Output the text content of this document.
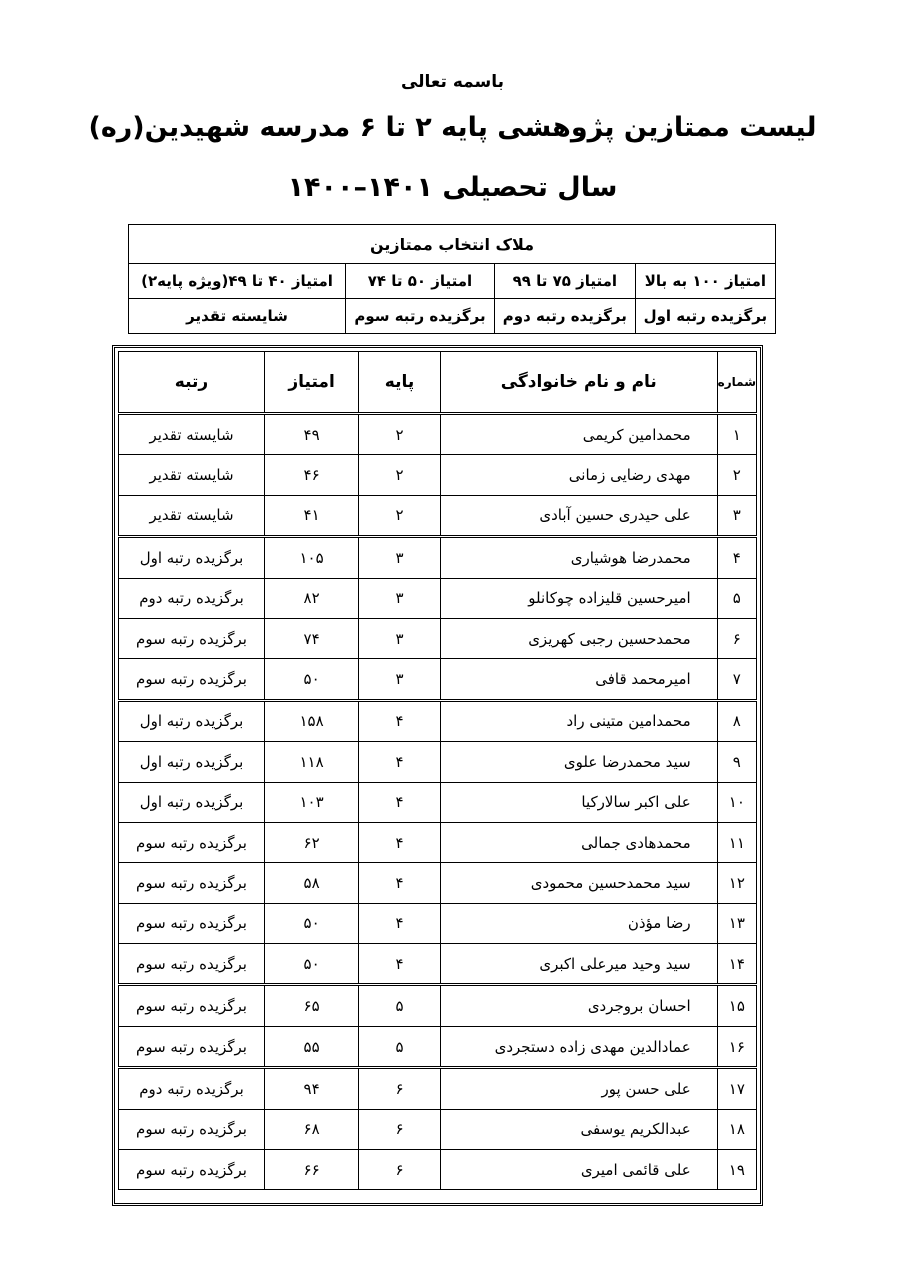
باسمه تعالی
لیست ممتازین پژوهشی پایه ۲ تا ۶ مدرسه شهیدین(ره)
سال تحصیلی ۱۴۰۱–۱۴۰۰
ملاک انتخاب ممتازین			
امتیاز ۱۰۰ به بالا	امتیاز ۷۵ تا ۹۹	امتیاز ۵۰ تا ۷۴	امتیاز ۴۰ تا ۴۹(ویژه پایه۲)
برگزیده رتبه اول	برگزیده رتبه دوم	برگزیده رتبه سوم	شایسته تقدیر
شماره	نام و نام خانوادگی	پایه	امتیاز	رتبه
۱	محمدامین کریمی	۲	۴۹	شایسته تقدیر
۲	مهدی رضایی زمانی	۲	۴۶	شایسته تقدیر
۳	علی حیدری حسین آبادی	۲	۴۱	شایسته تقدیر
۴	محمدرضا هوشیاری	۳	۱۰۵	برگزیده رتبه اول
۵	امیرحسین قلیزاده چوکانلو	۳	۸۲	برگزیده رتبه دوم
۶	محمدحسین رجبی کهریزی	۳	۷۴	برگزیده رتبه سوم
۷	امیرمحمد قافی	۳	۵۰	برگزیده رتبه سوم
۸	محمدامین متینی راد	۴	۱۵۸	برگزیده رتبه اول
۹	سید محمدرضا علوی	۴	۱۱۸	برگزیده رتبه اول
۱۰	علی اکبر سالارکیا	۴	۱۰۳	برگزیده رتبه اول
۱۱	محمدهادی جمالی	۴	۶۲	برگزیده رتبه سوم
۱۲	سید محمدحسین محمودی	۴	۵۸	برگزیده رتبه سوم
۱۳	رضا مؤذن	۴	۵۰	برگزیده رتبه سوم
۱۴	سید وحید میرعلی اکبری	۴	۵۰	برگزیده رتبه سوم
۱۵	احسان بروجردی	۵	۶۵	برگزیده رتبه سوم
۱۶	عمادالدین مهدی زاده دستجردی	۵	۵۵	برگزیده رتبه سوم
۱۷	علی حسن پور	۶	۹۴	برگزیده رتبه دوم
۱۸	عبدالکریم یوسفی	۶	۶۸	برگزیده رتبه سوم
۱۹	علی قائمی امیری	۶	۶۶	برگزیده رتبه سوم
